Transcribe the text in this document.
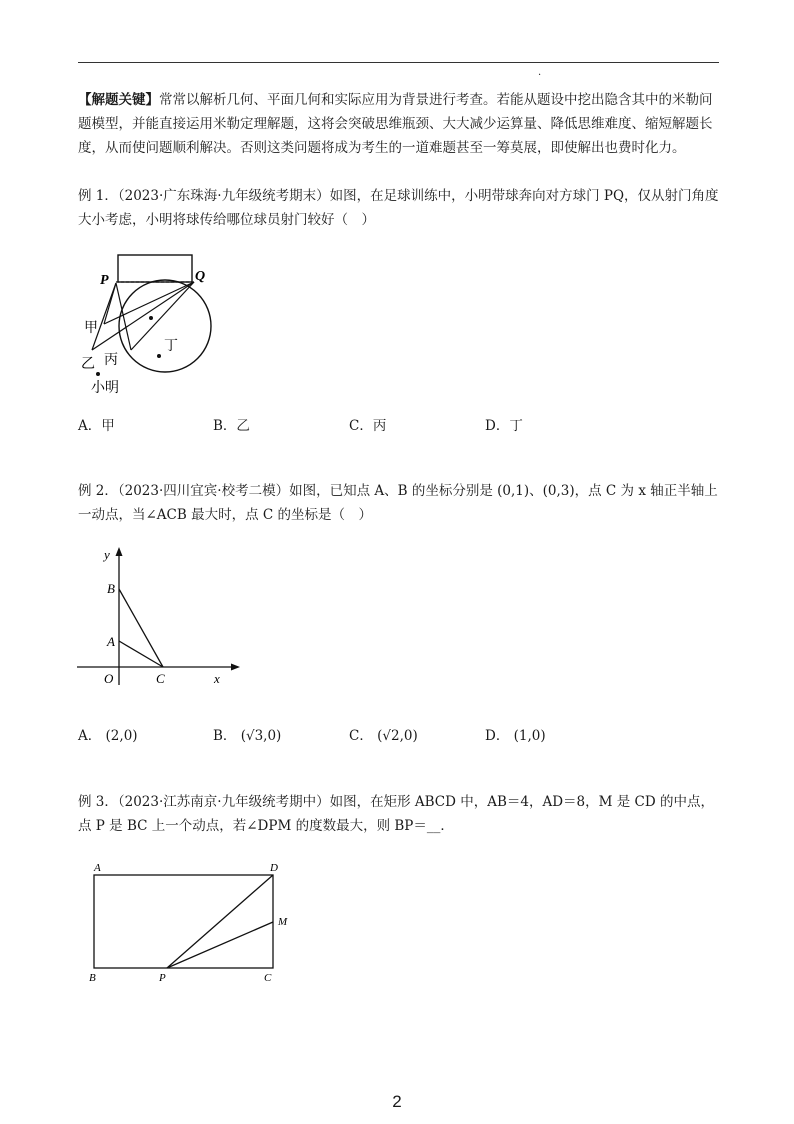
.

【解题关键】常常以解析几何、平面几何和实际应用为背景进行考查。若能从题设中挖出隐含其中的米勒问题模型，并能直接运用米勒定理解题，这将会突破思维瓶颈、大大减少运算量、降低思维难度、缩短解题长度，从而使问题顺利解决。否则这类问题将成为考生的一道难题甚至一筹莫展，即使解出也费时化力。

例 1．（2023·广东珠海·九年级统考期末）如图，在足球训练中，小明带球奔向对方球门 PQ，仅从射门角度大小考虑，小明将球传给哪位球员射门较好（　）

P	Q
甲
乙 丙
丁
小明
A．甲	B．乙	C．丙	D．丁

例 2．（2023·四川宜宾·校考二模）如图，已知点 A、B 的坐标分别是 (0,1)、(0,3)，点 C 为 x 轴正半轴上一动点，当∠ACB 最大时，点 C 的坐标是（　）

y
x
B
A
O	C
A． (2,0)	B． (√3,0)	C． (√2,0)	D． (1,0)

例 3．（2023·江苏南京·九年级统考期中）如图，在矩形 ABCD 中，AB＝4，AD＝8，M 是 CD 的中点，点 P 是 BC 上一个动点，若∠DPM 的度数最大，则 BP＝__．

A	D
M
B	P	C
2
